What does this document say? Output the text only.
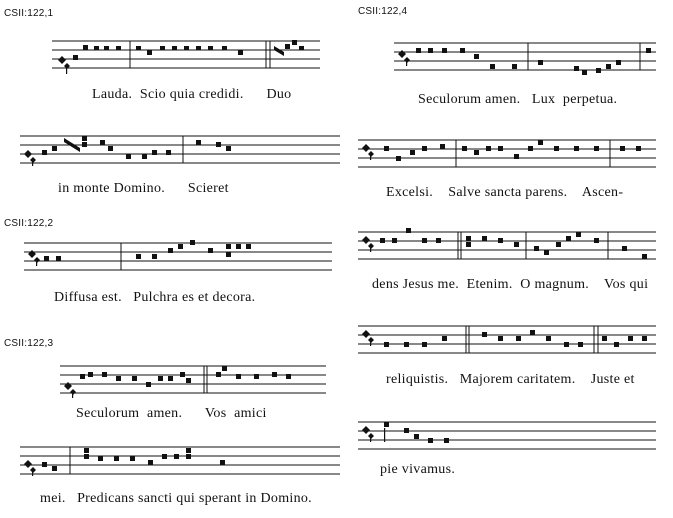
CSII:122,1
CSII:122,2
CSII:122,3
CSII:122,4
Lauda.  Scio quia credidi.      Duo
in monte Domino.      Scieret
Diffusa est.   Pulchra es et decora.
Seculorum  amen.      Vos  amici
mei.   Predicans sancti qui sperant in Domino.
Seculorum amen.   Lux  perpetua.
Excelsi.    Salve sancta parens.    Ascen-
dens Jesus me.  Etenim.  O magnum.    Vos qui
reliquistis.   Majorem caritatem.    Juste et
pie vivamus.
